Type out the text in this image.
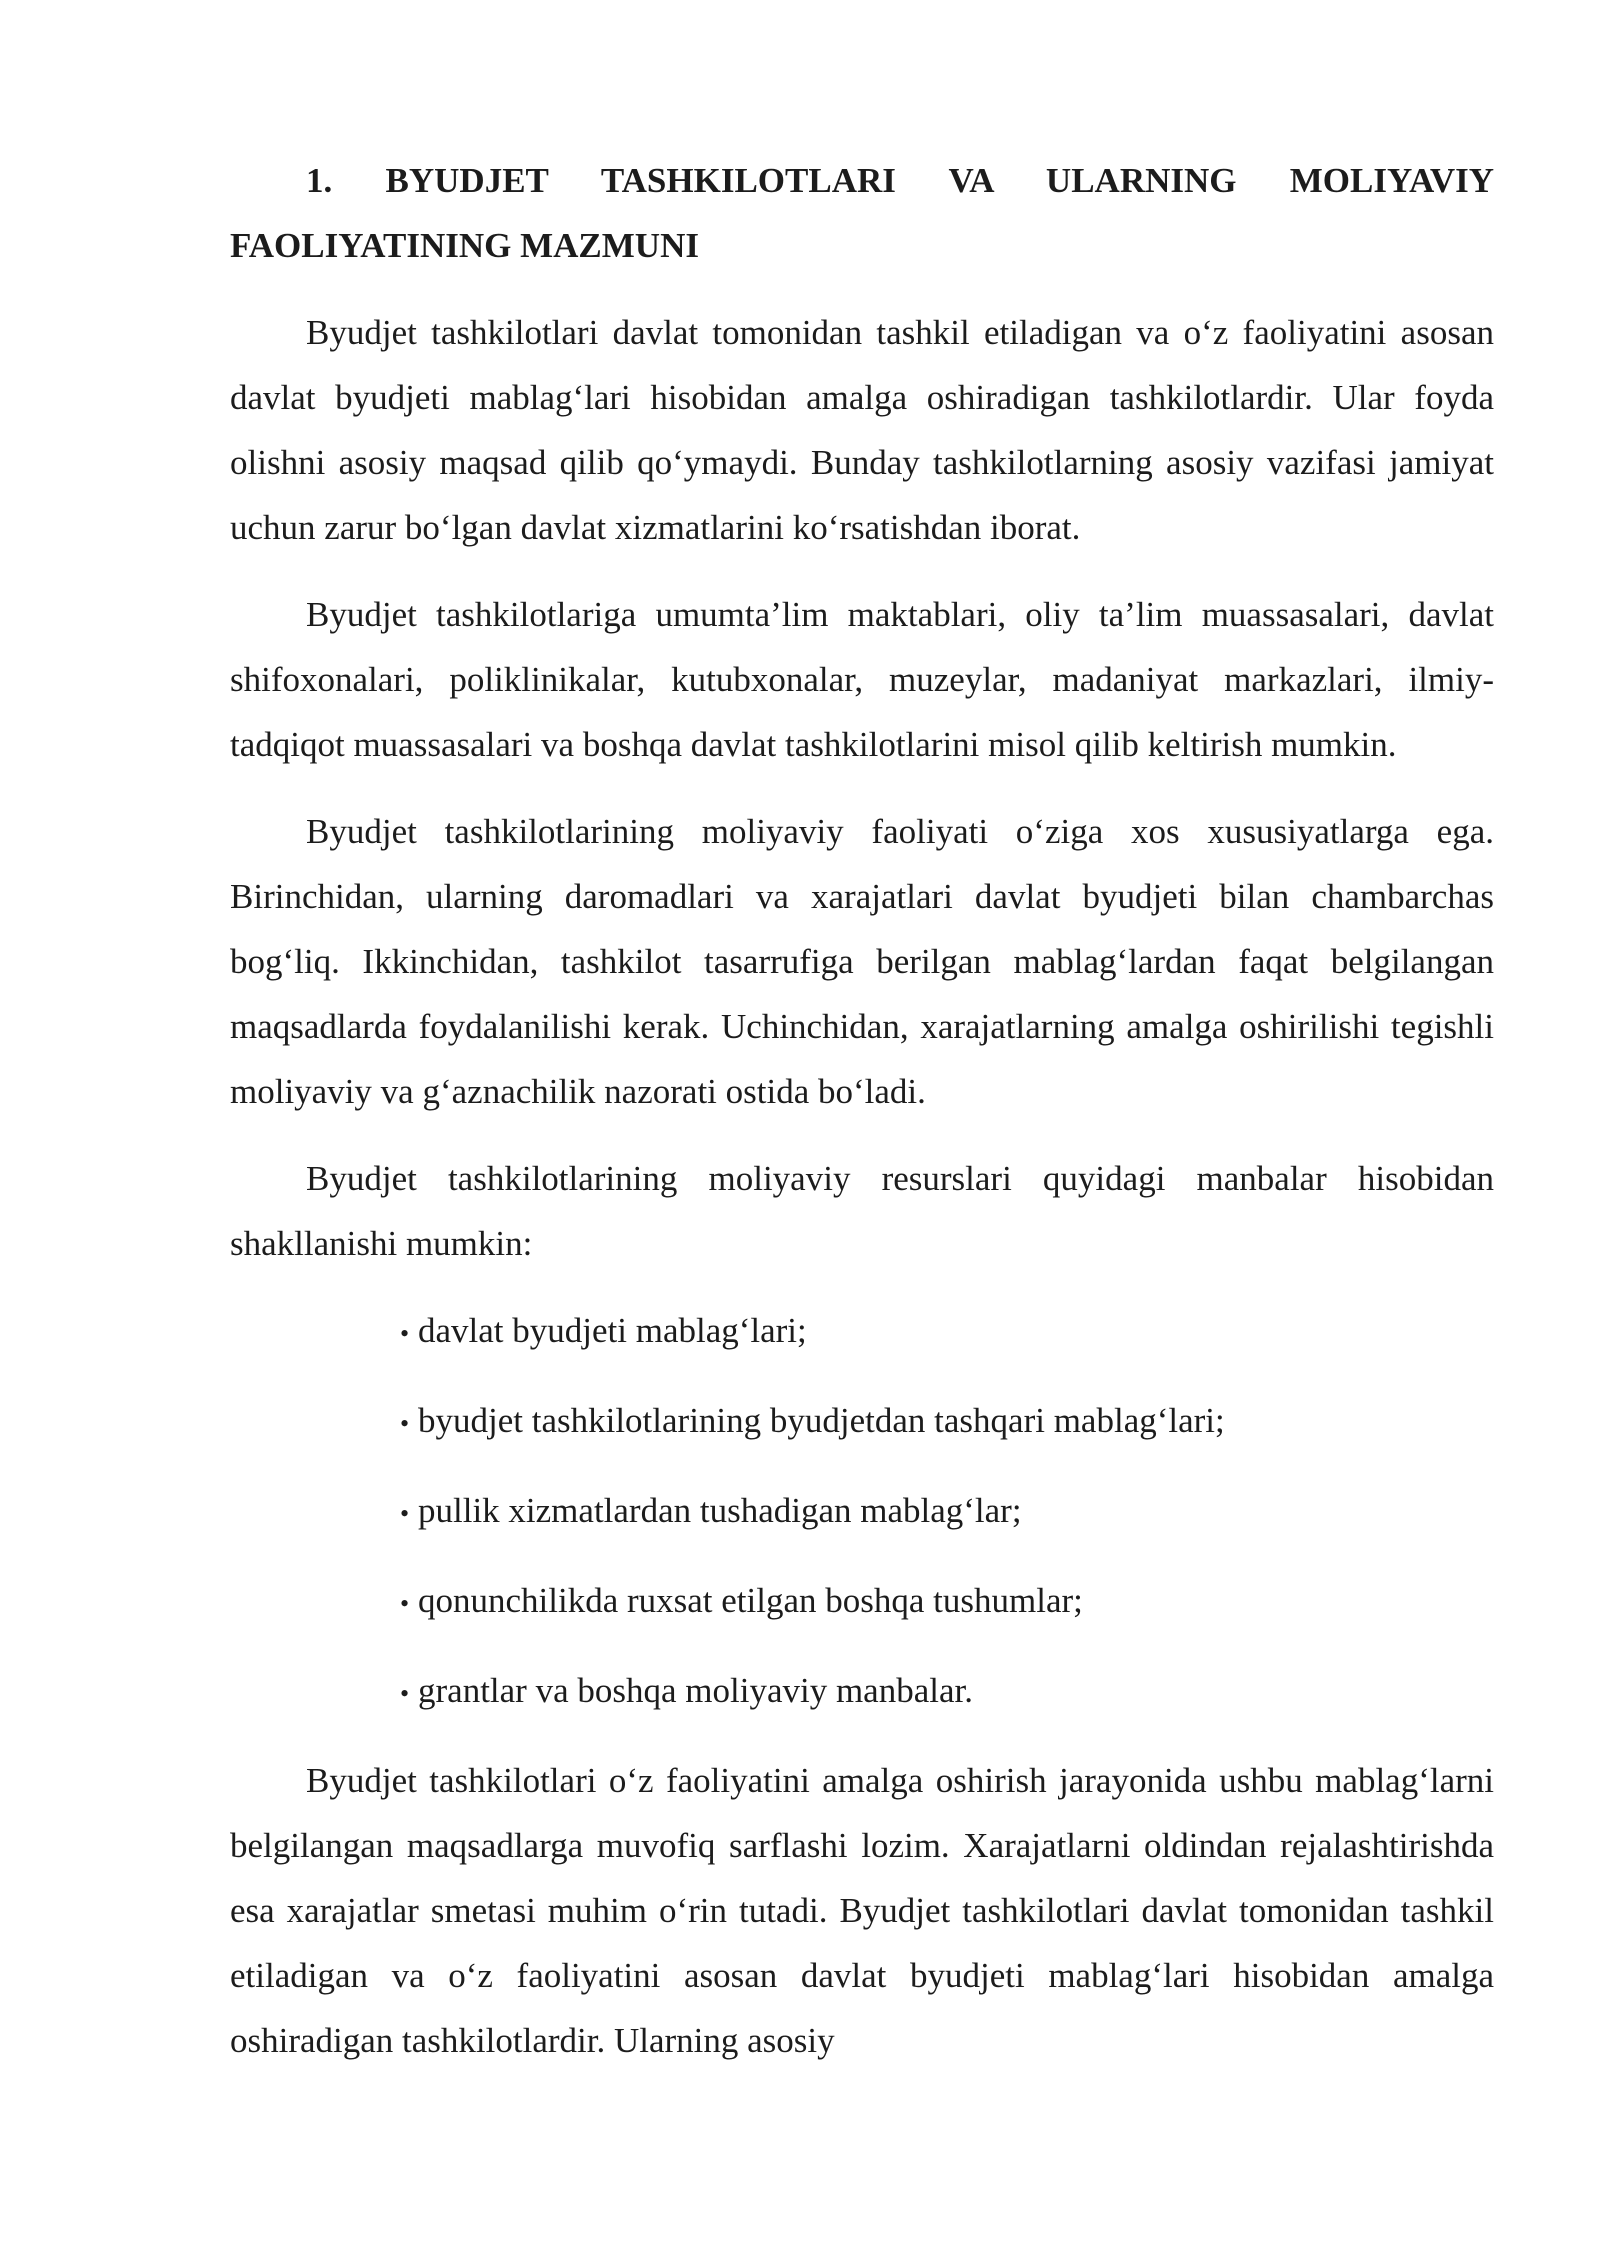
1. BYUDJET TASHKILOTLARI VA ULARNING MOLIYAVIY FAOLIYATINING MAZMUNI

Byudjet tashkilotlari davlat tomonidan tashkil etiladigan va o‘z faoliyatini asosan davlat byudjeti mablag‘lari hisobidan amalga oshiradigan tashkilotlardir. Ular foyda olishni asosiy maqsad qilib qo‘ymaydi. Bunday tashkilotlarning asosiy vazifasi jamiyat uchun zarur bo‘lgan davlat xizmatlarini ko‘rsatishdan iborat.

Byudjet tashkilotlariga umumta’lim maktablari, oliy ta’lim muassasalari, davlat shifoxonalari, poliklinikalar, kutubxonalar, muzeylar, madaniyat markazlari, ilmiy-tadqiqot muassasalari va boshqa davlat tashkilotlarini misol qilib keltirish mumkin.

Byudjet tashkilotlarining moliyaviy faoliyati o‘ziga xos xususiyatlarga ega. Birinchidan, ularning daromadlari va xarajatlari davlat byudjeti bilan chambarchas bog‘liq. Ikkinchidan, tashkilot tasarrufiga berilgan mablag‘lardan faqat belgilangan maqsadlarda foydalanilishi kerak. Uchinchidan, xarajatlarning amalga oshirilishi tegishli moliyaviy va g‘aznachilik nazorati ostida bo‘ladi.

Byudjet tashkilotlarining moliyaviy resurslari quyidagi manbalar hisobidan shakllanishi mumkin:

• davlat byudjeti mablag‘lari;
• byudjet tashkilotlarining byudjetdan tashqari mablag‘lari;
• pullik xizmatlardan tushadigan mablag‘lar;
• qonunchilikda ruxsat etilgan boshqa tushumlar;
• grantlar va boshqa moliyaviy manbalar.

Byudjet tashkilotlari o‘z faoliyatini amalga oshirish jarayonida ushbu mablag‘larni belgilangan maqsadlarga muvofiq sarflashi lozim. Xarajatlarni oldindan rejalashtirishda esa xarajatlar smetasi muhim o‘rin tutadi. Byudjet tashkilotlari davlat tomonidan tashkil etiladigan va o‘z faoliyatini asosan davlat byudjeti mablag‘lari hisobidan amalga oshiradigan tashkilotlardir. Ularning asosiy
